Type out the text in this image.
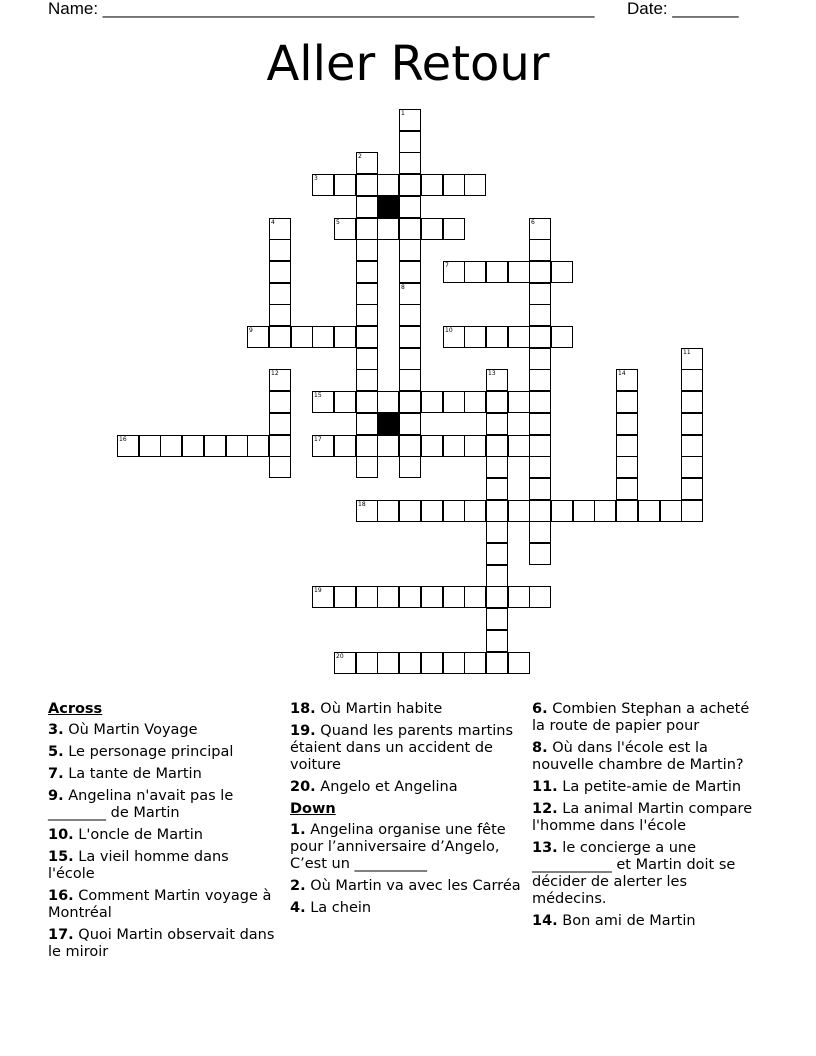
Name: ____________________________________________________ Date: _______
Aller Retour
1
8
2
3
4	5	6
7
9	10
11
12	13	14
15
16	17
18
19
20
Across
3. Où Martin Voyage
5. Le personage principal
7. La tante de Martin
9. Angelina n'avait pas le ________ de Martin
10. L'oncle de Martin
15. La vieil homme dans l'école
16. Comment Martin voyage à Montréal
17. Quoi Martin observait dans le miroir
18. Où Martin habite
19. Quand les parents martins étaient dans un accident de voiture
20. Angelo et Angelina
Down
1. Angelina organise une fête pour l’anniversaire d’Angelo, C’est un __________
2. Où Martin va avec les Carréa
4. La chein
6. Combien Stephan a acheté la route de papier pour
8. Où dans l'école est la nouvelle chambre de Martin?
11. La petite-amie de Martin
12. La animal Martin compare l'homme dans l'école
13. le concierge a une ___________ et Martin doit se décider de alerter les médecins.
14. Bon ami de Martin
